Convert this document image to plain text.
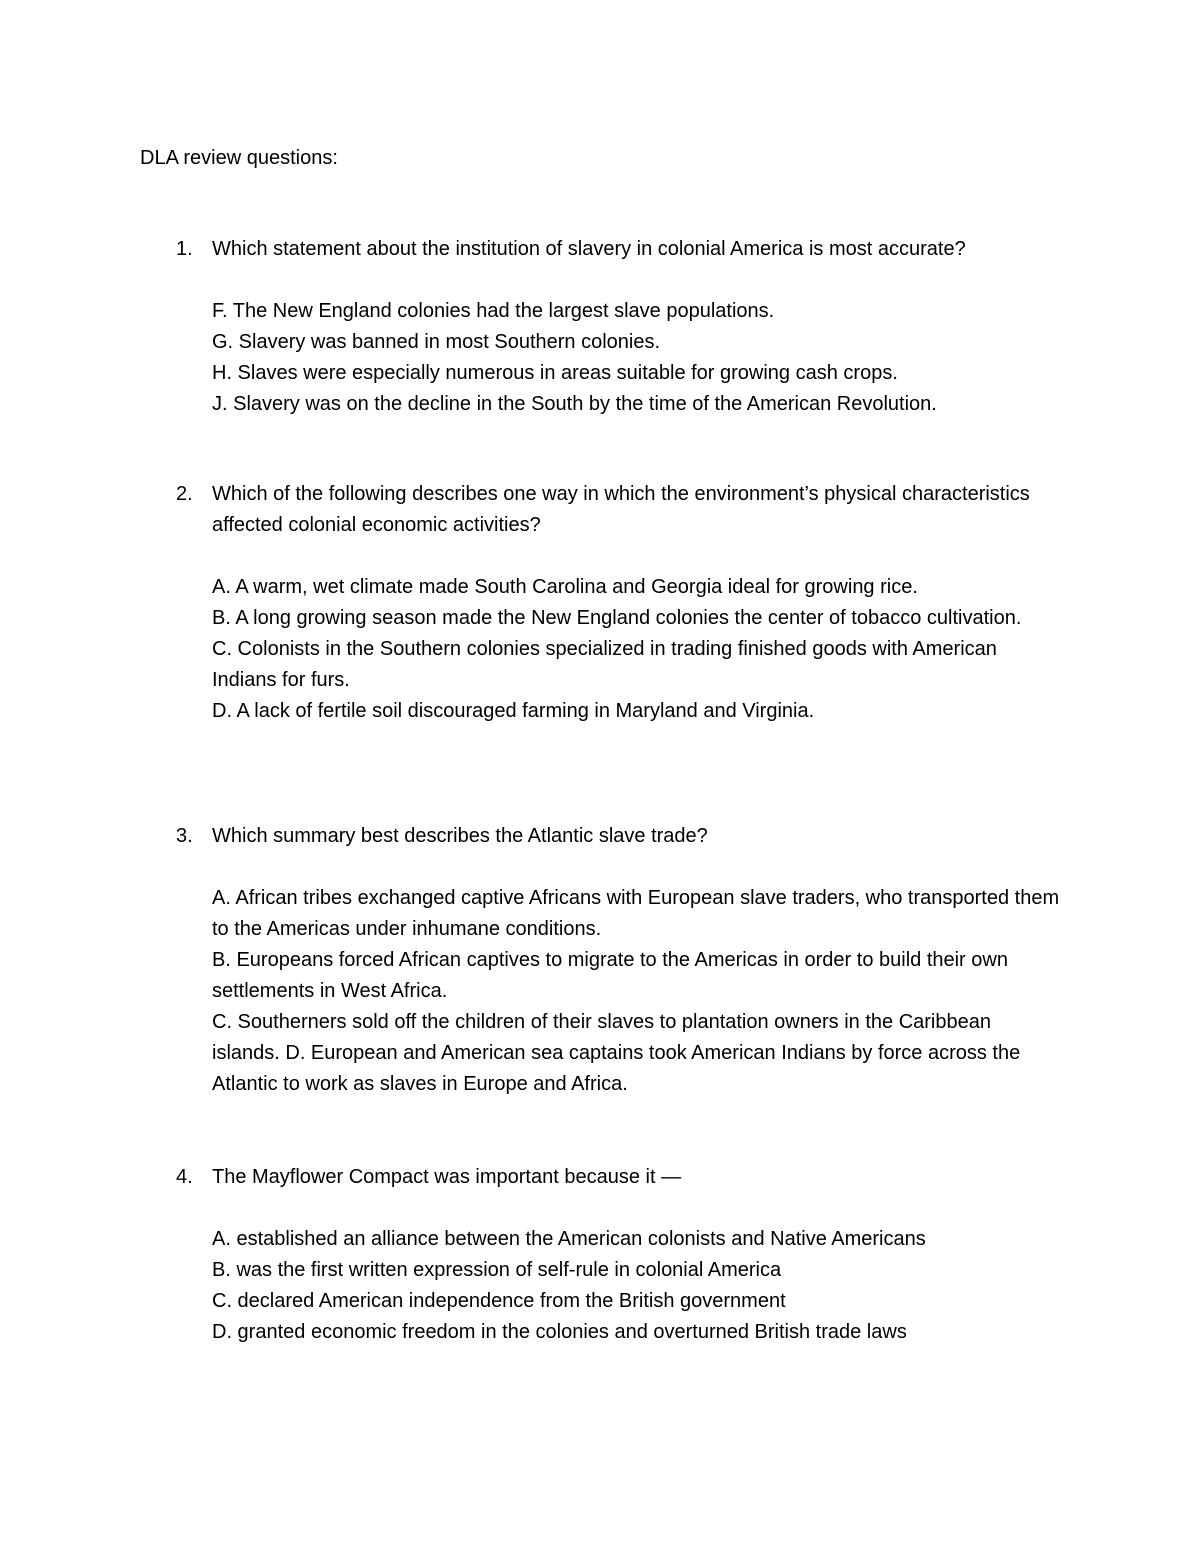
DLA review questions:
1. Which statement about the institution of slavery in colonial America is most accurate?
F. The New England colonies had the largest slave populations.
G. Slavery was banned in most Southern colonies.
H. Slaves were especially numerous in areas suitable for growing cash crops.
J. Slavery was on the decline in the South by the time of the American Revolution.
2. Which of the following describes one way in which the environment’s physical characteristics affected colonial economic activities?
A. A warm, wet climate made South Carolina and Georgia ideal for growing rice.
B. A long growing season made the New England colonies the center of tobacco cultivation.
C. Colonists in the Southern colonies specialized in trading finished goods with American Indians for furs.
D. A lack of fertile soil discouraged farming in Maryland and Virginia.
3. Which summary best describes the Atlantic slave trade?
A. African tribes exchanged captive Africans with European slave traders, who transported them to the Americas under inhumane conditions.
B. Europeans forced African captives to migrate to the Americas in order to build their own settlements in West Africa.
C. Southerners sold off the children of their slaves to plantation owners in the Caribbean islands. D. European and American sea captains took American Indians by force across the Atlantic to work as slaves in Europe and Africa.
4. The Mayflower Compact was important because it —
A. established an alliance between the American colonists and Native Americans
B. was the first written expression of self-rule in colonial America
C. declared American independence from the British government
D. granted economic freedom in the colonies and overturned British trade laws
